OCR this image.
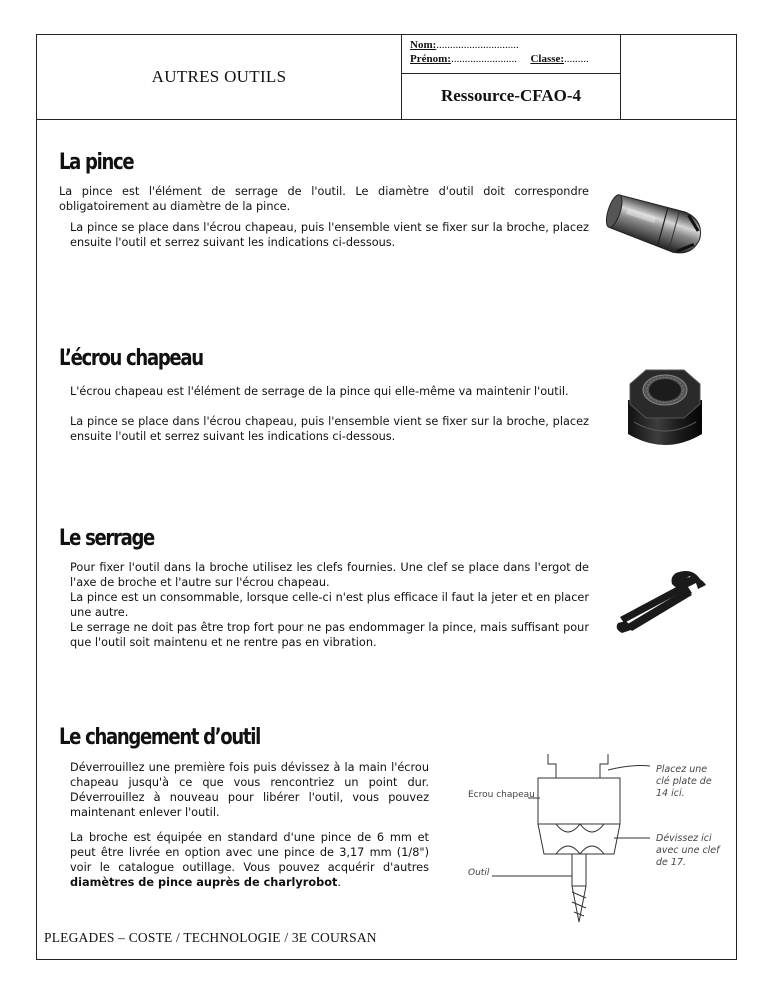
AUTRES OUTILS
Nom:..............................
Prénom:........................ Classe:.........
Ressource-CFAO-4
La pince
La pince est l'élément de serrage de l'outil. Le diamètre d'outil doit correspondre obligatoirement au diamètre de la pince.
La pince se place dans l'écrou chapeau, puis l'ensemble vient se fixer sur la broche, placez ensuite l'outil et serrez suivant les indications ci-dessous.
L’écrou chapeau
L'écrou chapeau est l'élément de serrage de la pince qui elle-même va maintenir l'outil.
La pince se place dans l'écrou chapeau, puis l'ensemble vient se fixer sur la broche, placez ensuite l'outil et serrez suivant les indications ci-dessous.
Le serrage
Pour fixer l'outil dans la broche utilisez les clefs fournies. Une clef se place dans l'ergot de l'axe de broche et l'autre sur l'écrou chapeau.
La pince est un consommable, lorsque celle-ci n'est plus efficace il faut la jeter et en placer une autre.
Le serrage ne doit pas être trop fort pour ne pas endommager la pince, mais suffisant pour que l'outil soit maintenu et ne rentre pas en vibration.
Le changement d’outil
Déverrouillez une première fois puis dévissez à la main l'écrou chapeau jusqu'à ce que vous rencontriez un point dur. Déverrouillez à nouveau pour libérer l'outil, vous pouvez maintenant enlever l'outil.
La broche est équipée en standard d'une pince de 6 mm et peut être livrée en option avec une pince de 3,17 mm (1/8") voir le catalogue outillage. Vous pouvez acquérir d'autres diamètres de pince auprès de charlyrobot.
Ecrou chapeau
Outil
Placez une
clé plate de
14 ici.
Dévissez ici
avec une clef
de 17.
PLEGADES – COSTE / TECHNOLOGIE / 3E COURSAN
